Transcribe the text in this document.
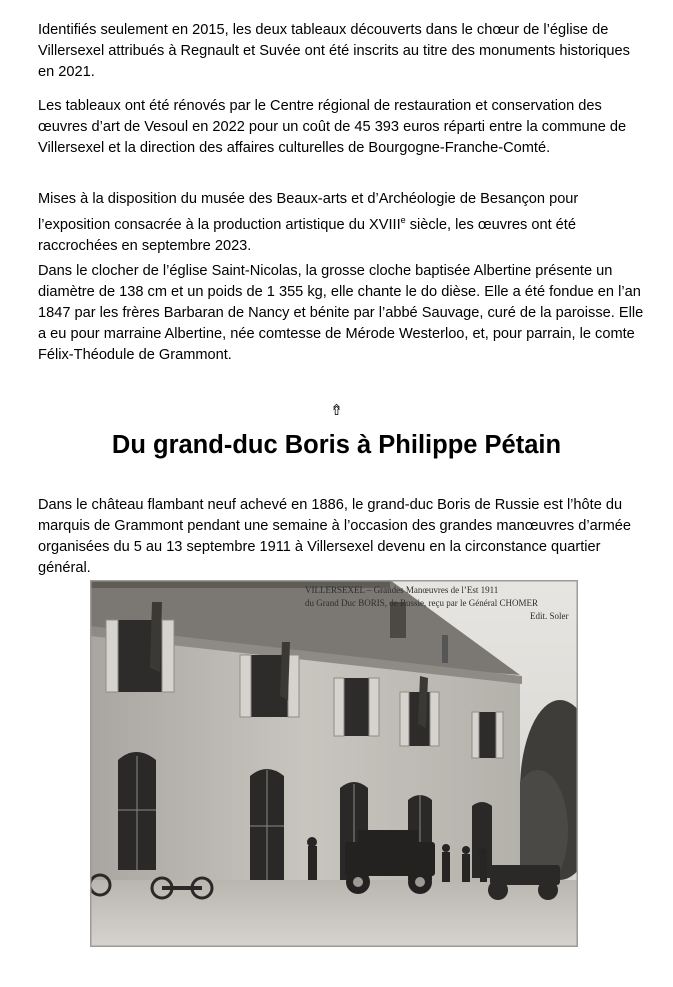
Identifiés seulement en 2015, les deux tableaux découverts dans le chœur de l’église de Villersexel attribués à Regnault et Suvée ont été inscrits au titre des monuments historiques en 2021.

Les tableaux ont été rénovés par le Centre régional de restauration et conservation des œuvres d’art de Vesoul en 2022 pour un coût de 45 393 euros réparti entre la commune de Villersexel et la direction des affaires culturelles de Bourgogne-Franche-Comté.

Mises à la disposition du musée des Beaux-arts et d’Archéologie de Besançon pour l’exposition consacrée à la production artistique du XVIIIe siècle, les œuvres ont été raccrochées en septembre 2023.

Dans le clocher de l’église Saint-Nicolas, la grosse cloche baptisée Albertine présente un diamètre de 138 cm et un poids de 1 355 kg, elle chante le do dièse. Elle a été fondue en l’an 1847 par les frères Barbaran de Nancy et bénite par l’abbé Sauvage, curé de la paroisse. Elle a eu pour marraine Albertine, née comtesse de Mérode Westerloo, et, pour parrain, le comte Félix-Théodule de Grammont.

⇮
Du grand-duc Boris à Philippe Pétain

Dans le château flambant neuf achevé en 1886, le grand-duc Boris de Russie est l’hôte du marquis de Grammont pendant une semaine à l’occasion des grandes manœuvres d’armée organisées du 5 au 13 septembre 1911 à Villersexel devenu en la circonstance quartier général.

VILLERSEXEL – Grandes Manœuvres de l’Est 1911
du Grand Duc BORIS, de Russie, reçu par le Général CHOMER
Edit. Soler
